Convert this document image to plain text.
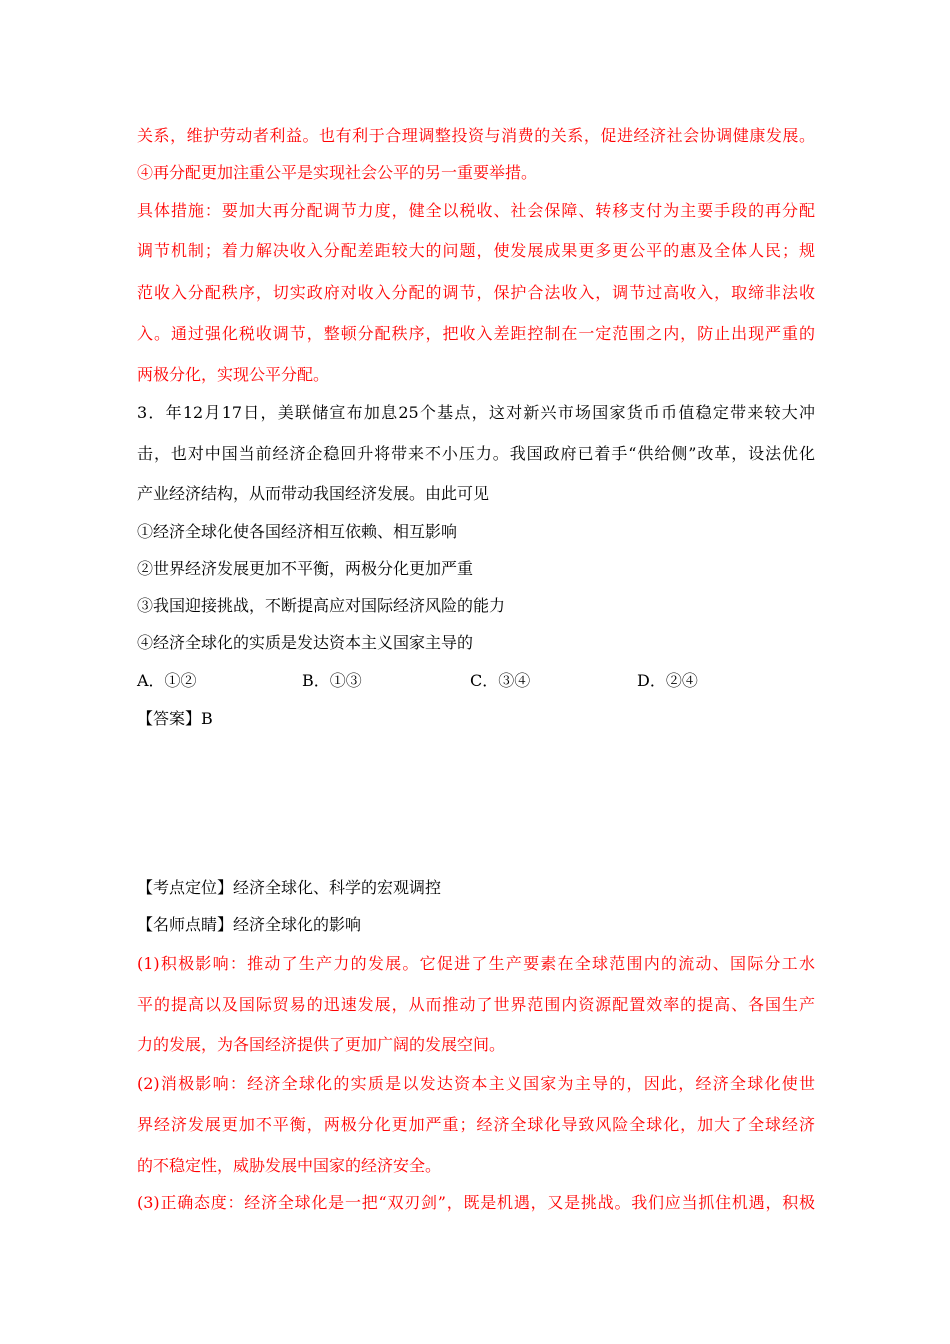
关系，维护劳动者利益。也有利于合理调整投资与消费的关系，促进经济社会协调健康发展。
④再分配更加注重公平是实现社会公平的另一重要举措。
具体措施：要加大再分配调节力度，健全以税收、社会保障、转移支付为主要手段的再分配
调节机制；着力解决收入分配差距较大的问题，使发展成果更多更公平的惠及全体人民；规
范收入分配秩序，切实政府对收入分配的调节，保护合法收入，调节过高收入，取缔非法收
入。通过强化税收调节，整顿分配秩序，把收入差距控制在一定范围之内，防止出现严重的
两极分化，实现公平分配。
3．年12月17日，美联储宣布加息25个基点，这对新兴市场国家货币币值稳定带来较大冲
击，也对中国当前经济企稳回升将带来不小压力。我国政府已着手“供给侧”改革，设法优化
产业经济结构，从而带动我国经济发展。由此可见
①经济全球化使各国经济相互依赖、相互影响
②世界经济发展更加不平衡，两极分化更加严重
③我国迎接挑战，不断提高应对国际经济风险的能力
④经济全球化的实质是发达资本主义国家主导的
A．①②	B．①③	C．③④	D．②④
【答案】B
【考点定位】经济全球化、科学的宏观调控
【名师点睛】经济全球化的影响
(1)积极影响：推动了生产力的发展。它促进了生产要素在全球范围内的流动、国际分工水
平的提高以及国际贸易的迅速发展，从而推动了世界范围内资源配置效率的提高、各国生产
力的发展，为各国经济提供了更加广阔的发展空间。
(2)消极影响：经济全球化的实质是以发达资本主义国家为主导的，因此，经济全球化使世
界经济发展更加不平衡，两极分化更加严重；经济全球化导致风险全球化，加大了全球经济
的不稳定性，威胁发展中国家的经济安全。
(3)正确态度：经济全球化是一把“双刃剑”，既是机遇，又是挑战。我们应当抓住机遇，积极
